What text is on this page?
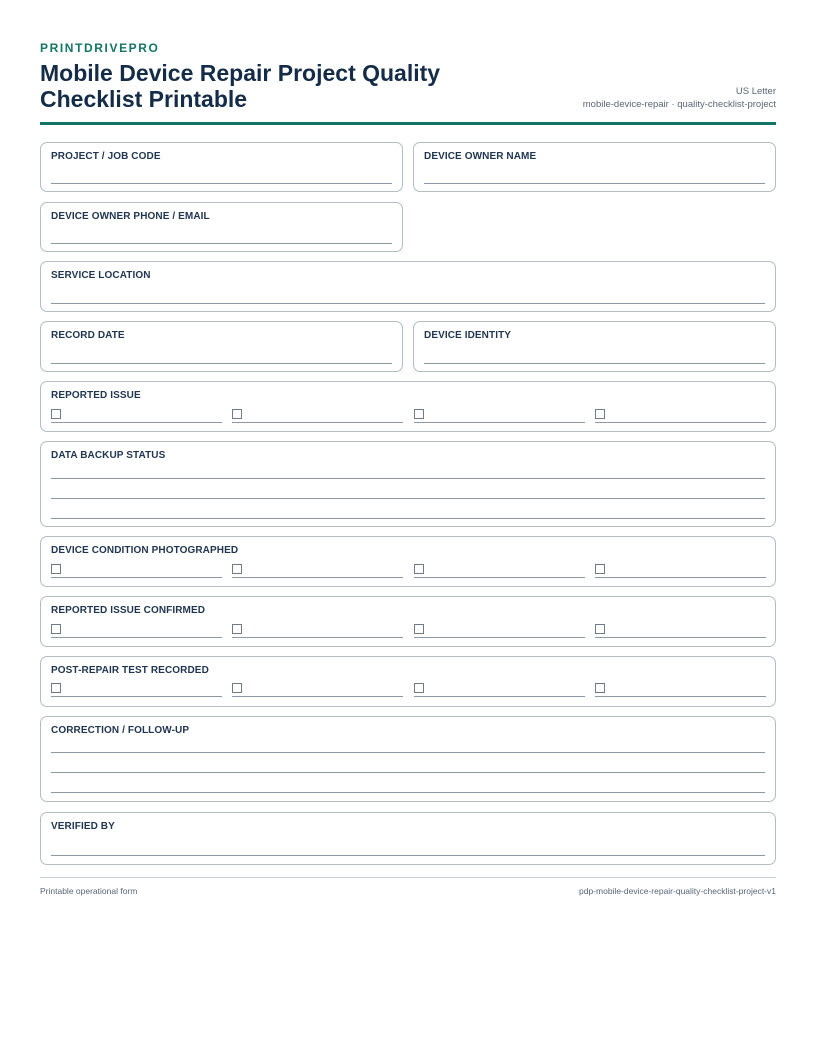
PRINTDRIVEPRO
Mobile Device Repair Project Quality Checklist Printable	US Letter
mobile-device-repair · quality-checklist-project
PROJECT / JOB CODE	DEVICE OWNER NAME
DEVICE OWNER PHONE / EMAIL
SERVICE LOCATION
RECORD DATE	DEVICE IDENTITY
REPORTED ISSUE
DATA BACKUP STATUS
DEVICE CONDITION PHOTOGRAPHED
REPORTED ISSUE CONFIRMED
POST-REPAIR TEST RECORDED
CORRECTION / FOLLOW-UP
VERIFIED BY
Printable operational form	pdp-mobile-device-repair-quality-checklist-project-v1
